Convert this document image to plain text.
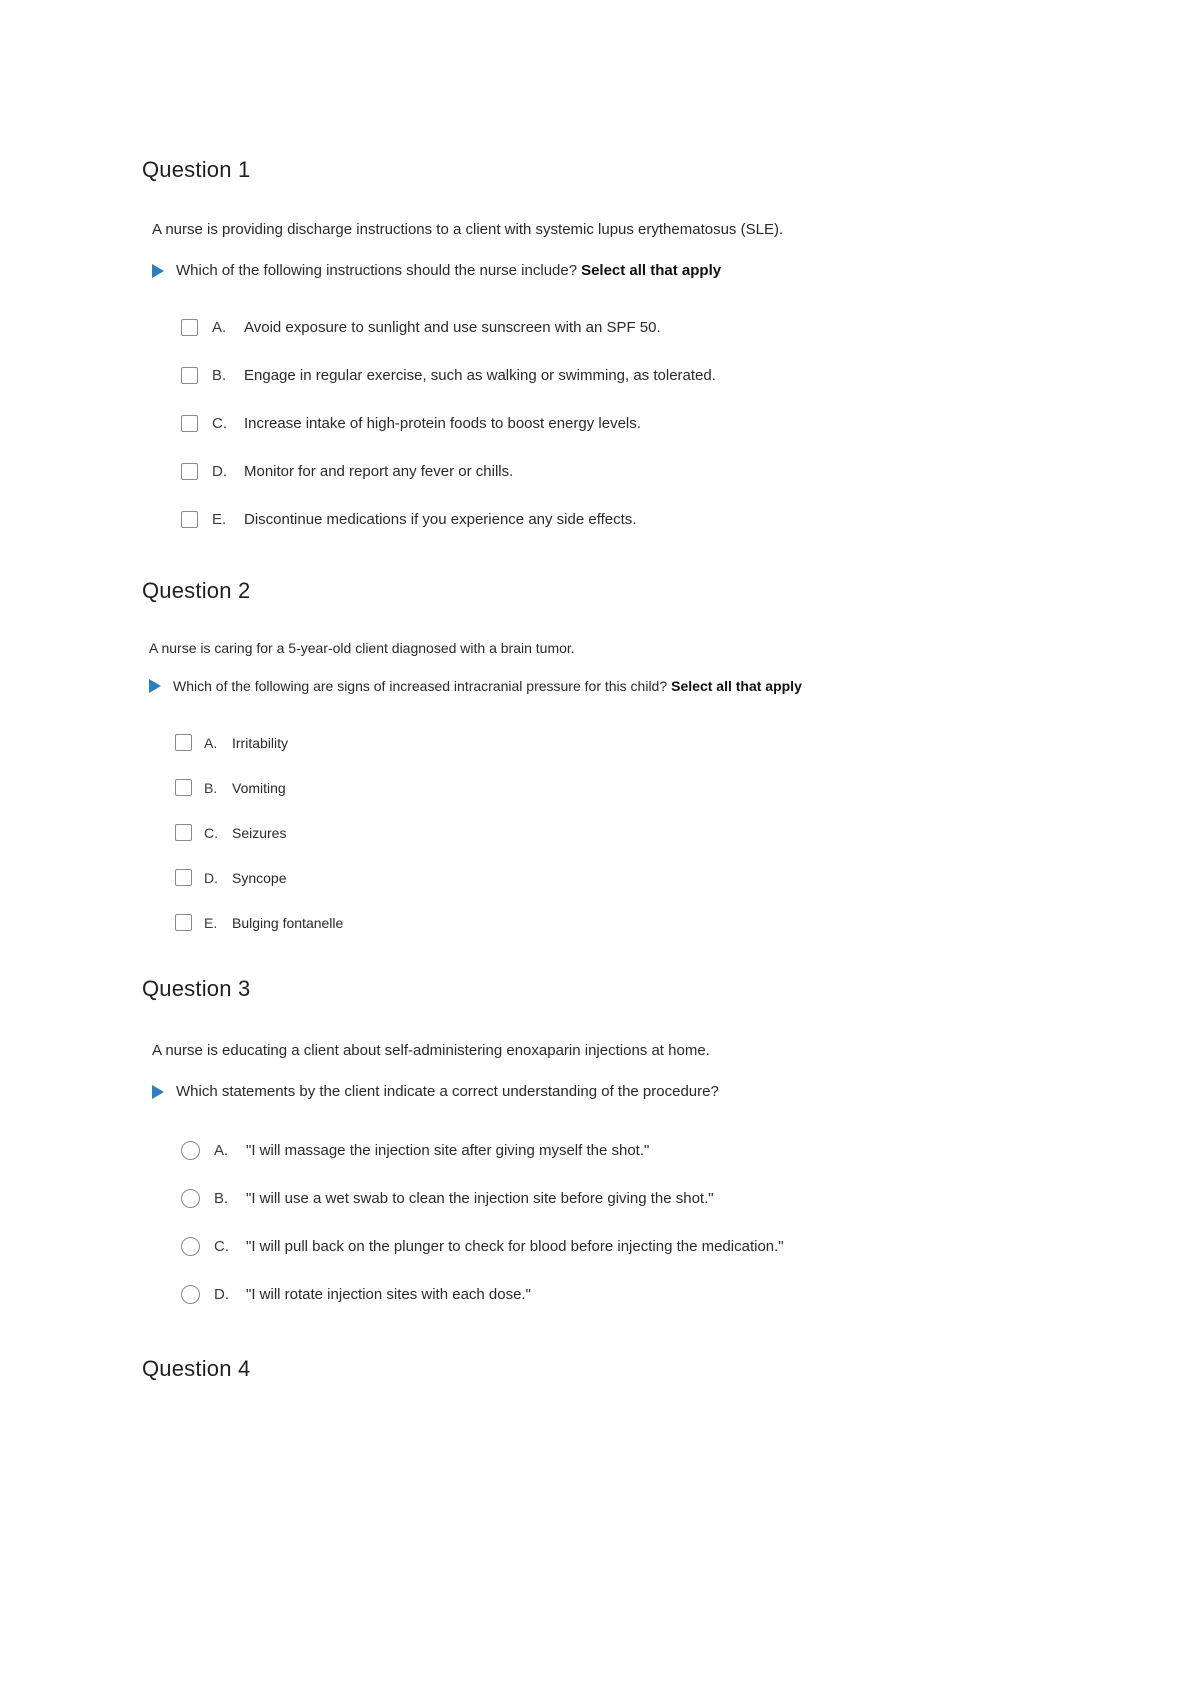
Question 1
A nurse is providing discharge instructions to a client with systemic lupus erythematosus (SLE).
Which of the following instructions should the nurse include? Select all that apply
A.	Avoid exposure to sunlight and use sunscreen with an SPF 50.
B.	Engage in regular exercise, such as walking or swimming, as tolerated.
C.	Increase intake of high-protein foods to boost energy levels.
D.	Monitor for and report any fever or chills.
E.	Discontinue medications if you experience any side effects.
Question 2
A nurse is caring for a 5-year-old client diagnosed with a brain tumor.
Which of the following are signs of increased intracranial pressure for this child? Select all that apply
A.	Irritability
B.	Vomiting
C.	Seizures
D.	Syncope
E.	Bulging fontanelle
Question 3
A nurse is educating a client about self-administering enoxaparin injections at home.
Which statements by the client indicate a correct understanding of the procedure?
A.	"I will massage the injection site after giving myself the shot."
B.	"I will use a wet swab to clean the injection site before giving the shot."
C.	"I will pull back on the plunger to check for blood before injecting the medication."
D.	"I will rotate injection sites with each dose."
Question 4
